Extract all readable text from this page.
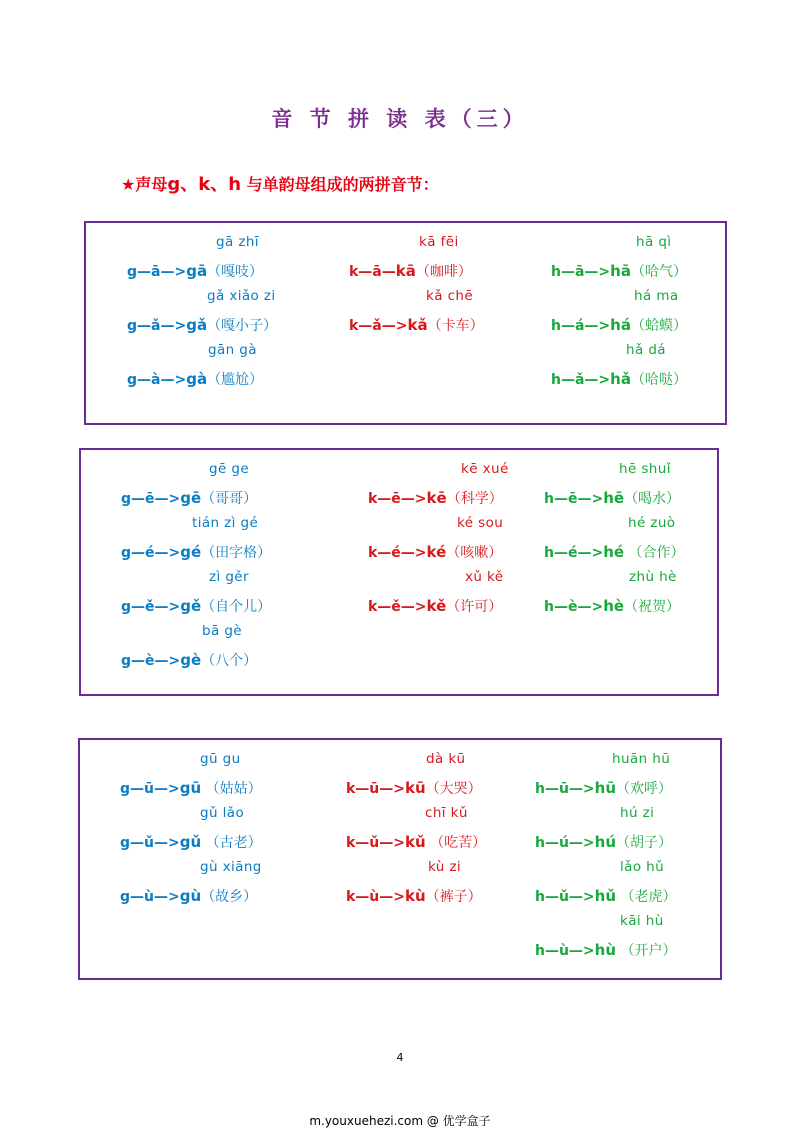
音 节 拼 读 表（三）
★声母g、k、h 与单韵母组成的两拼音节：
gā zhī
g—ā—>gā（嘎吱）
gǎ xiǎo zi
g—ǎ—>gǎ（嘎小子）
gān gà
g—à—>gà（尴尬）
kā fēi
k—ā—kā（咖啡）
kǎ chē
k—ǎ—>kǎ（卡车）
hā qì
h—ā—>hā（哈气）
há ma
h—á—>há（蛤蟆）
hǎ dá
h—ǎ—>hǎ（哈哒）
gē ge
g—ē—>gē（哥哥）
tián zì gé
g—é—>gé（田字格）
zì gěr
g—ě—>gě（自个儿）
bā gè
g—è—>gè（八个）
kē xué
k—ē—>kē（科学）
ké sou
k—é—>ké（咳嗽）
xǔ kě
k—ě—>kě（许可）
hē shuǐ
h—ē—>hē（喝水）
hé zuò
h—é—>hé （合作）
zhù hè
h—è—>hè（祝贺）
gū gu
g—ū—>gū （姑姑）
gǔ lǎo
g—ǔ—>gǔ （古老）
gù xiāng
g—ù—>gù（故乡）
dà kū
k—ū—>kū（大哭）
chī kǔ
k—ǔ—>kǔ （吃苦）
kù zi
k—ù—>kù（裤子）
huān hū
h—ū—>hū（欢呼）
hú zi
h—ú—>hú（胡子）
lǎo hǔ
h—ǔ—>hǔ （老虎）
kāi hù
h—ù—>hù （开户）
4
m.youxuehezi.com @ 优学盒子
